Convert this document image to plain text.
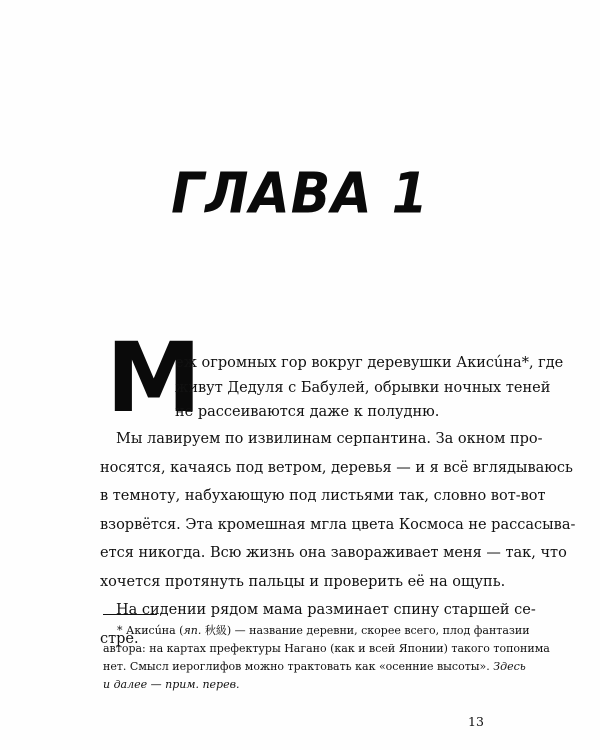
ГЛАВА 1
М
еж огромных гор вокруг деревушки Акисúна*, где
живут Дедуля с Бабулей, обрывки ночных теней
не рассеиваются даже к полудню.
Мы лавируем по извилинам серпантина. За окном про-
носятся, качаясь под ветром, деревья — и я всё вглядываюсь
в темноту, набухающую под листьями так, словно вот-вот
взорвётся. Эта кромешная мгла цвета Космоса не рассасыва-
ется никогда. Всю жизнь она завораживает меня — так, что
хочется протянуть пальцы и проверить её на ощупь.
На сидении рядом мама разминает спину старшей се-
стре.
* Акисúна (яп. 秋級) — название деревни, скорее всего, плод фантазии
автора: на картах префектуры Нагано (как и всей Японии) такого топонима
нет. Смысл иероглифов можно трактовать как «осенние высоты». Здесь
и далее — прим. перев.
13
